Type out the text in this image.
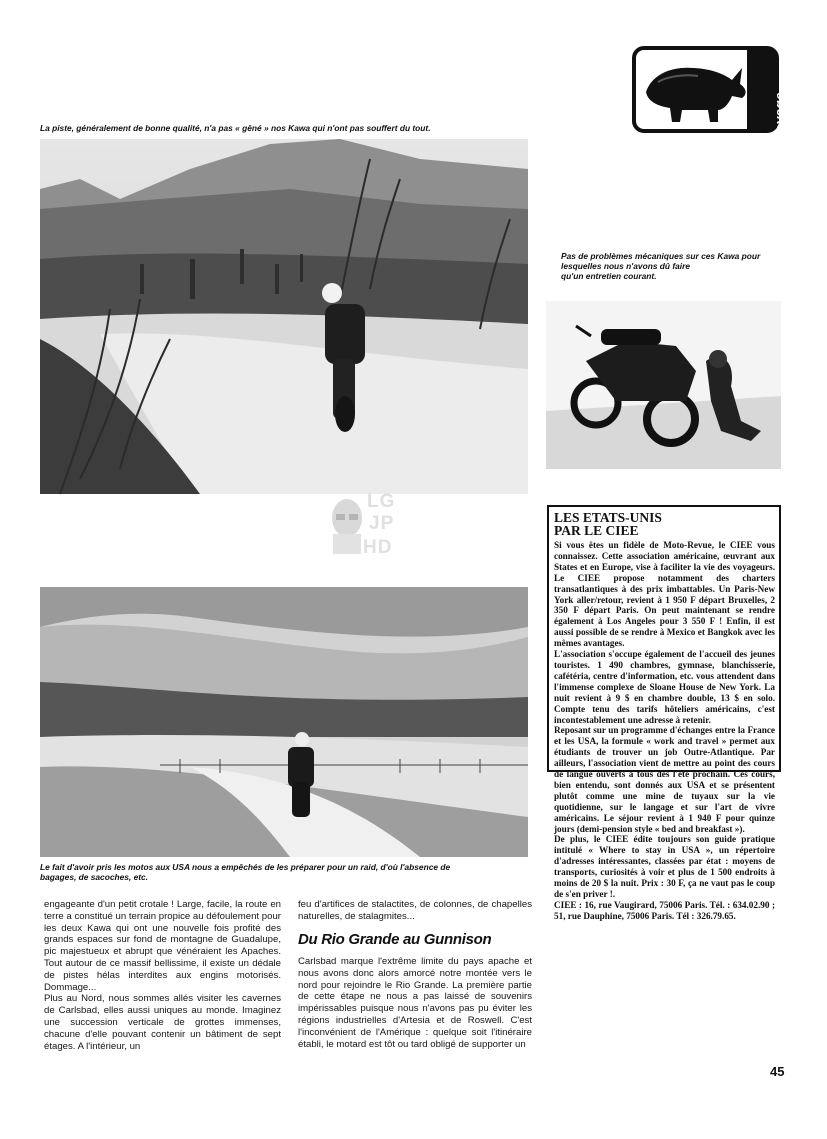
voyage
La piste, généralement de bonne qualité, n'a pas « gêné » nos Kawa qui n'ont pas souffert du tout.
Pas de problèmes mécaniques sur ces Kawa pour
lesquelles nous n'avons dû faire
qu'un entretien courant.
LG
JP
HD
Le fait d'avoir pris les motos aux USA nous a empêchés de les préparer pour un raid, d'où l'absence de
bagages, de sacoches, etc.

engageante d'un petit crotale ! Large, facile, la route en terre a constitué un terrain propice au défoulement pour les deux Kawa qui ont une nouvelle fois profité des grands espaces sur fond de montagne de Guadalupe, pic majestueux et abrupt que vénéraient les Apaches. Tout autour de ce massif bellissime, il existe un dédale de pistes hélas interdites aux engins motorisés. Dommage...

Plus au Nord, nous sommes allés visiter les cavernes de Carlsbad, elles aussi uniques au monde. Imaginez une succession verticale de grottes immenses, chacune d'elle pouvant contenir un bâtiment de sept étages. A l'intérieur, un

feu d'artifices de stalactites, de colonnes, de chapelles naturelles, de stalagmites...

Du Rio Grande au Gunnison

Carlsbad marque l'extrême limite du pays apache et nous avons donc alors amorcé notre montée vers le nord pour rejoindre le Rio Grande. La première partie de cette étape ne nous a pas laissé de souvenirs impérissables puisque nous n'avons pas pu éviter les régions industrielles d'Artesia et de Roswell. C'est l'inconvénient de l'Amérique : quelque soit l'itinéraire établi, le motard est tôt ou tard obligé de supporter un

LES ETATS-UNIS
PAR LE CIEE

Si vous êtes un fidèle de Moto-Revue, le CIEE vous connaissez. Cette association américaine, œuvrant aux States et en Europe, vise à faciliter la vie des voyageurs. Le CIEE propose notamment des charters transatlantiques à des prix imbattables. Un Paris-New York aller/retour, revient à 1 950 F départ Bruxelles, 2 350 F départ Paris. On peut maintenant se rendre également à Los Angeles pour 3 550 F ! Enfin, il est aussi possible de se rendre à Mexico et Bangkok avec les mêmes avantages.

L'association s'occupe également de l'accueil des jeunes touristes. 1 490 chambres, gymnase, blanchisserie, cafétéria, centre d'information, etc. vous attendent dans l'immense complexe de Sloane House de New York. La nuit revient à 9 $ en chambre double, 13 $ en solo. Compte tenu des tarifs hôteliers américains, c'est incontestablement une adresse à retenir.

Reposant sur un programme d'échanges entre la France et les USA, la formule « work and travel » permet aux étudiants de trouver un job Outre-Atlantique. Par ailleurs, l'association vient de mettre au point des cours de langue ouverts à tous dès l'été prochain. Ces cours, bien entendu, sont donnés aux USA et se présentent plutôt comme une mine de tuyaux sur la vie quotidienne, sur le langage et sur l'art de vivre américains. Le séjour revient à 1 940 F pour quinze jours (demi-pension style « bed and breakfast »).

De plus, le CIEE édite toujours son guide pratique intitulé « Where to stay in USA », un répertoire d'adresses intéressantes, classées par état : moyens de transports, curiosités à voir et plus de 1 500 endroits à moins de 20 $ la nuit. Prix : 30 F, ça ne vaut pas le coup de s'en priver !.

CIEE : 16, rue Vaugirard, 75006 Paris. Tél. : 634.02.90 ; 51, rue Dauphine, 75006 Paris. Tél : 326.79.65.

45
